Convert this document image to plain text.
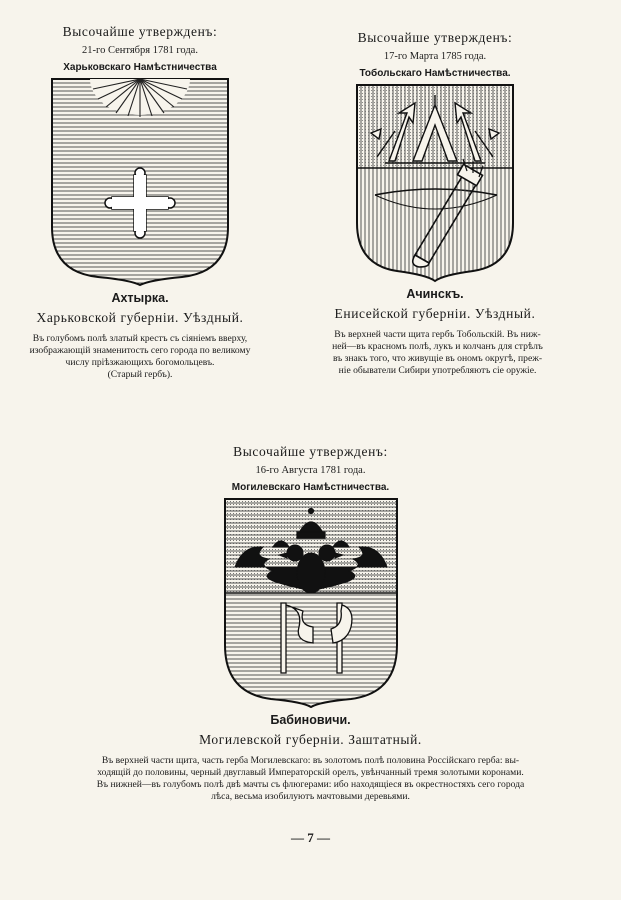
Высочайше утвержденъ:
21-го Сентября 1781 года.
Харьковскаго Намѣстничества
Ахтырка.
Харьковской губерніи. Уѣздный.
Въ голубомъ полѣ златый крестъ съ сіяніемъ вверху,
изображающій знаменитость сего города по великому
числу пріѣзжающихъ богомольцевъ.
(Старый гербъ).
Высочайше утвержденъ:
17-го Марта 1785 года.
Тобольскаго Намѣстничества.
Ачинскъ.
Енисейской губерніи. Уѣздный.
Въ верхней части щита гербъ Тобольскій. Въ ниж-
ней—въ красномъ полѣ, лукъ и колчанъ для стрѣлъ
въ знакъ того, что живущіе въ ономъ округѣ, преж-
ніе обыватели Сибири употребляютъ сіе оружіе.
Высочайше утвержденъ:
16-го Августа 1781 года.
Могилевскаго Намѣстничества.
Бабиновичи.
Могилевской губерніи. Заштатный.
Въ верхней части щита, часть герба Могилевскаго: въ золотомъ полѣ половина Россійскаго герба: вы-
ходящій до половины, черный двуглавый Императорскій орелъ, увѣнчанный тремя золотыми коронами.
Въ нижней—въ голубомъ полѣ двѣ мачты съ флюгерами: ибо находящіеся въ окрестностяхъ сего города
лѣса, весьма изобилуютъ мачтовыми деревьями.
— 7 —
